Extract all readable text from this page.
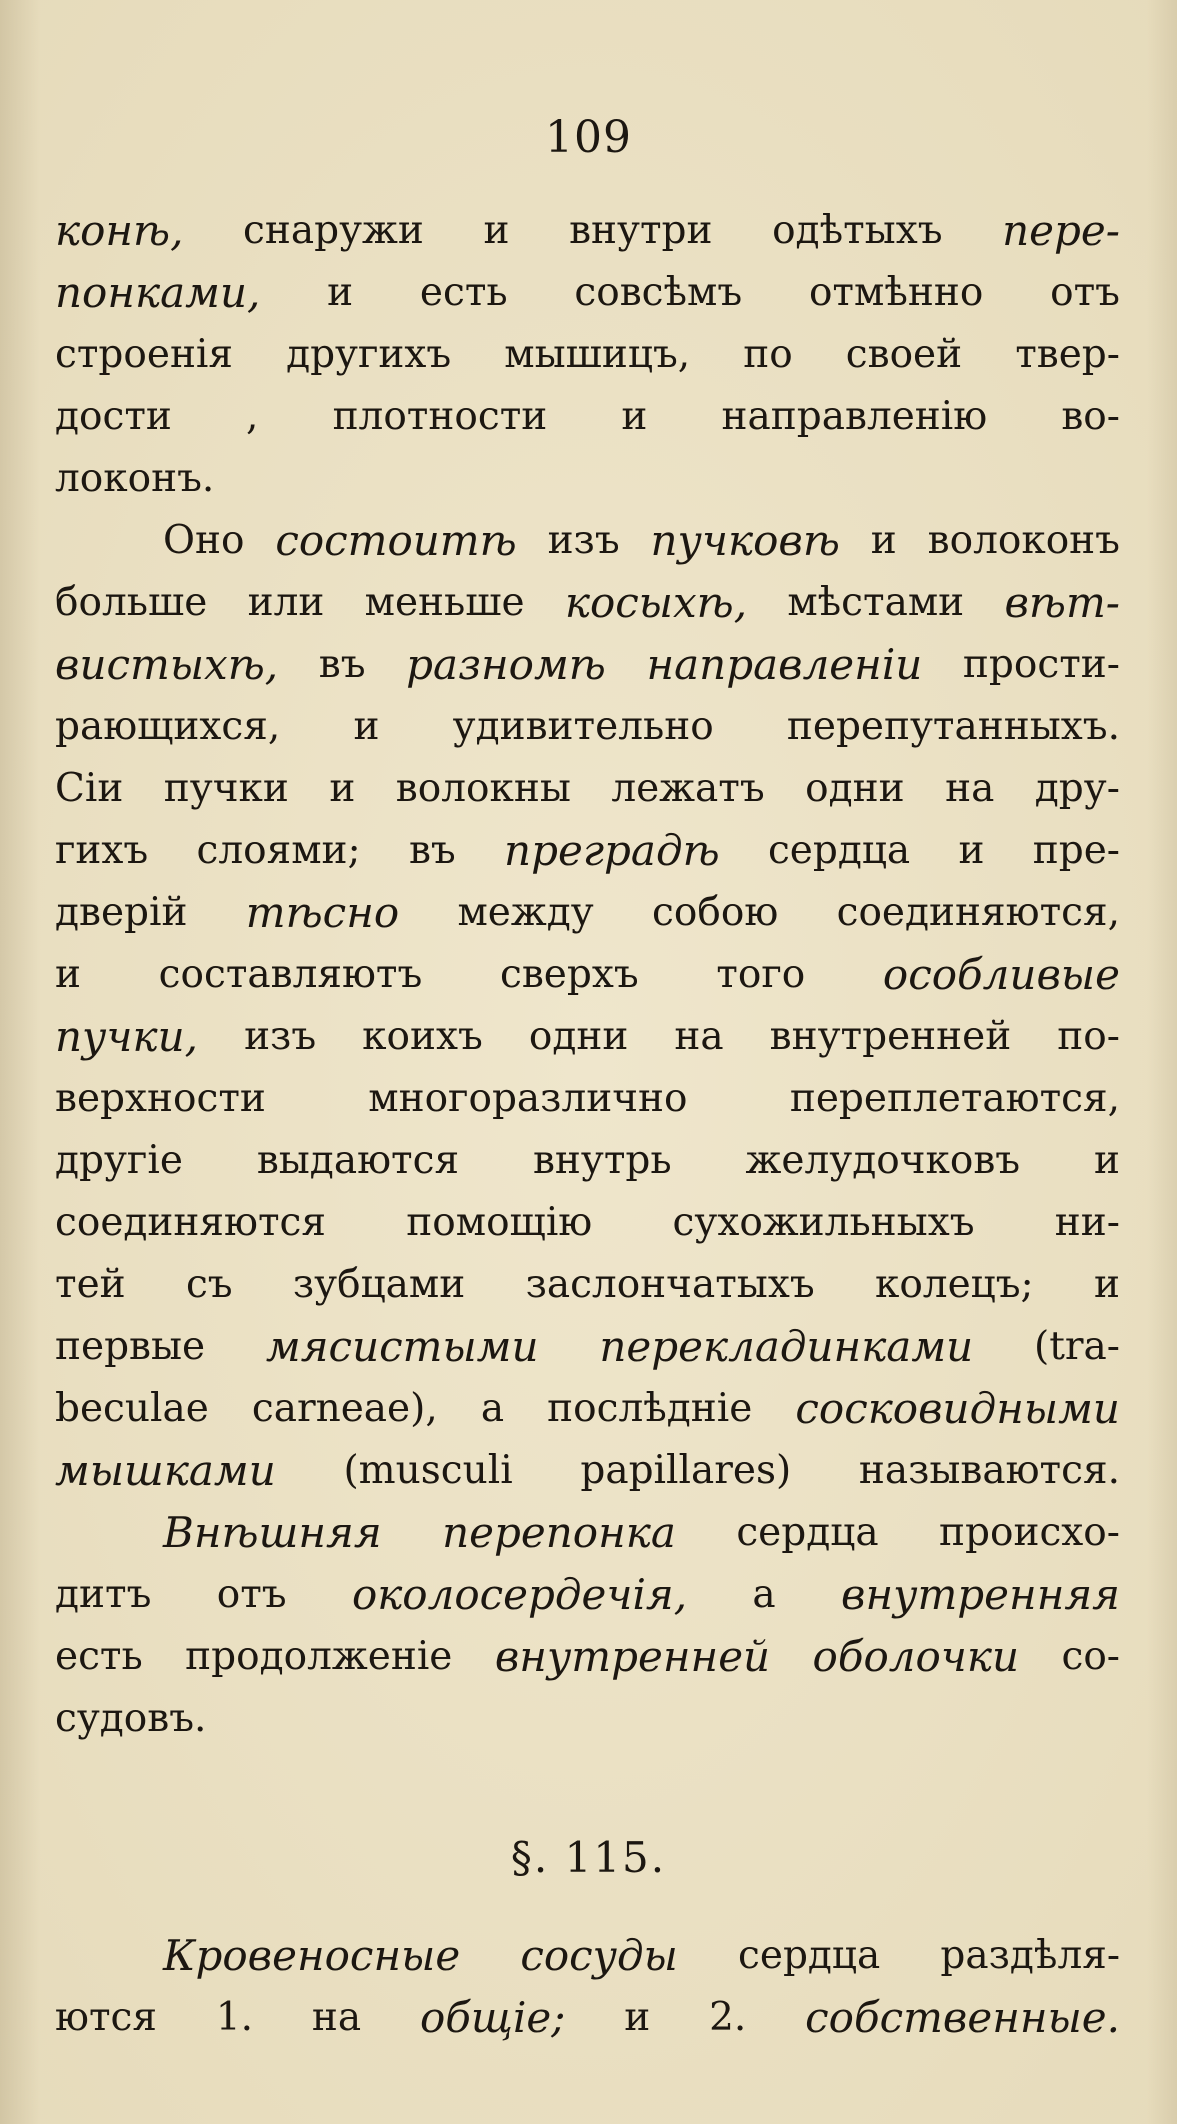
109
конѣ, снаружи и внутри одѣтыхъ пере-
понками, и есть совсѣмъ отмѣнно отъ
строенія другихъ мышицъ, по своей твер-
дости , плотности и направленію во-
локонъ.
Оно состоитѣ изъ пучковѣ и волоконъ
больше или меньше косыхѣ, мѣстами вѣт-
вистыхѣ, въ разномѣ направленіи прости-
рающихся, и удивительно перепутанныхъ.
Сіи пучки и волокны лежатъ одни на дру-
гихъ слоями; въ преградѣ сердца и пре-
дверій тѣсно между собою соединяются,
и составляютъ сверхъ того особливые
пучки, изъ коихъ одни на внутренней по-
верхности	многоразлично	переплетаются,
другіе выдаются внутрь желудочковъ и
соединяются помощію сухожильныхъ ни-
тей съ зубцами заслончатыхъ колецъ; и
первые мясистыми перекладинками (tra-
beculae carneae), а послѣдніе сосковидными
мышками (musculi papillares) называются.
Внѣшняя перепонка сердца происхо-
дитъ отъ околосердечія, а внутренняя
есть продолженіе внутренней оболочки со-
судовъ.
§. 115.
Кровеносные сосуды сердца раздѣля-
ются 1. на общіе; и 2. собственные.
